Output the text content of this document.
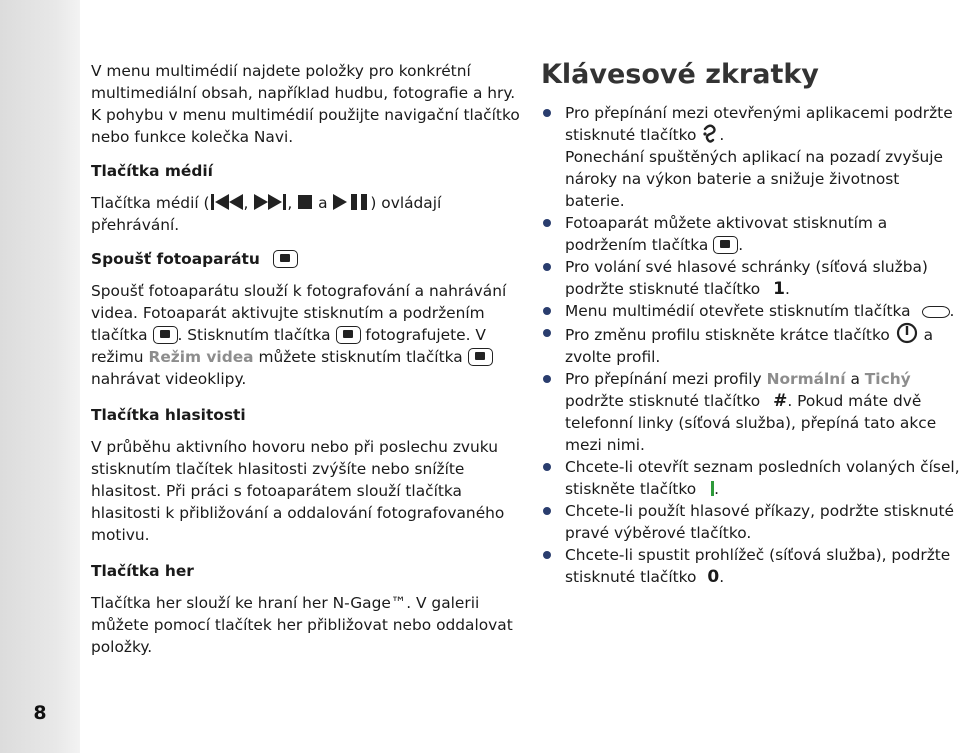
8

V menu multimédií najdete položky pro konkrétní multimediální obsah, například hudbu, fotografie a hry. K pohybu v menu multimédií použijte navigační tlačítko nebo funkce kolečka Navi.

Tlačítka médií

Tlačítka médií ( ,	, a	) ovládají přehrávání.

Spoušť fotoaparátu

Spoušť fotoaparátu slouží k fotografování a nahrávání videa. Fotoaparát aktivujte stisknutím a podržením tlačítka . Stisknutím tlačítka fotografujete. V režimu Režim videa můžete stisknutím tlačítka  nahrávat videoklipy.

Tlačítka hlasitosti

V průběhu aktivního hovoru nebo při poslechu zvuku stisknutím tlačítek hlasitosti zvýšíte nebo snížíte hlasitost. Při práci s fotoaparátem slouží tlačítka hlasitosti k přibližování a oddalování fotografovaného motivu.

Tlačítka her

Tlačítka her slouží ke hraní her N-Gage™. V galerii můžete pomocí tlačítek her přibližovat nebo oddalovat položky.

Klávesové zkratky
Pro přepínání mezi otevřenými aplikacemi podržte stisknuté tlačítko .
Ponechání spuštěných aplikací na pozadí zvyšuje nároky na výkon baterie a snižuje životnost baterie.
Fotoaparát můžete aktivovat stisknutím a podržením tlačítka .
Pro volání své hlasové schránky (síťová služba) podržte stisknuté tlačítko 1.
Menu multimédií otevřete stisknutím tlačítka	.
Pro změnu profilu stiskněte krátce tlačítko a zvolte profil.
Pro přepínání mezi profily Normální a Tichý podržte stisknuté tlačítko #. Pokud máte dvě telefonní linky (síťová služba), přepíná tato akce mezi nimi.
Chcete-li otevřít seznam posledních volaných čísel, stiskněte tlačítko .
Chcete-li použít hlasové příkazy, podržte stisknuté pravé výběrové tlačítko.
Chcete-li spustit prohlížeč (síťová služba), podržte stisknuté tlačítko 0.
